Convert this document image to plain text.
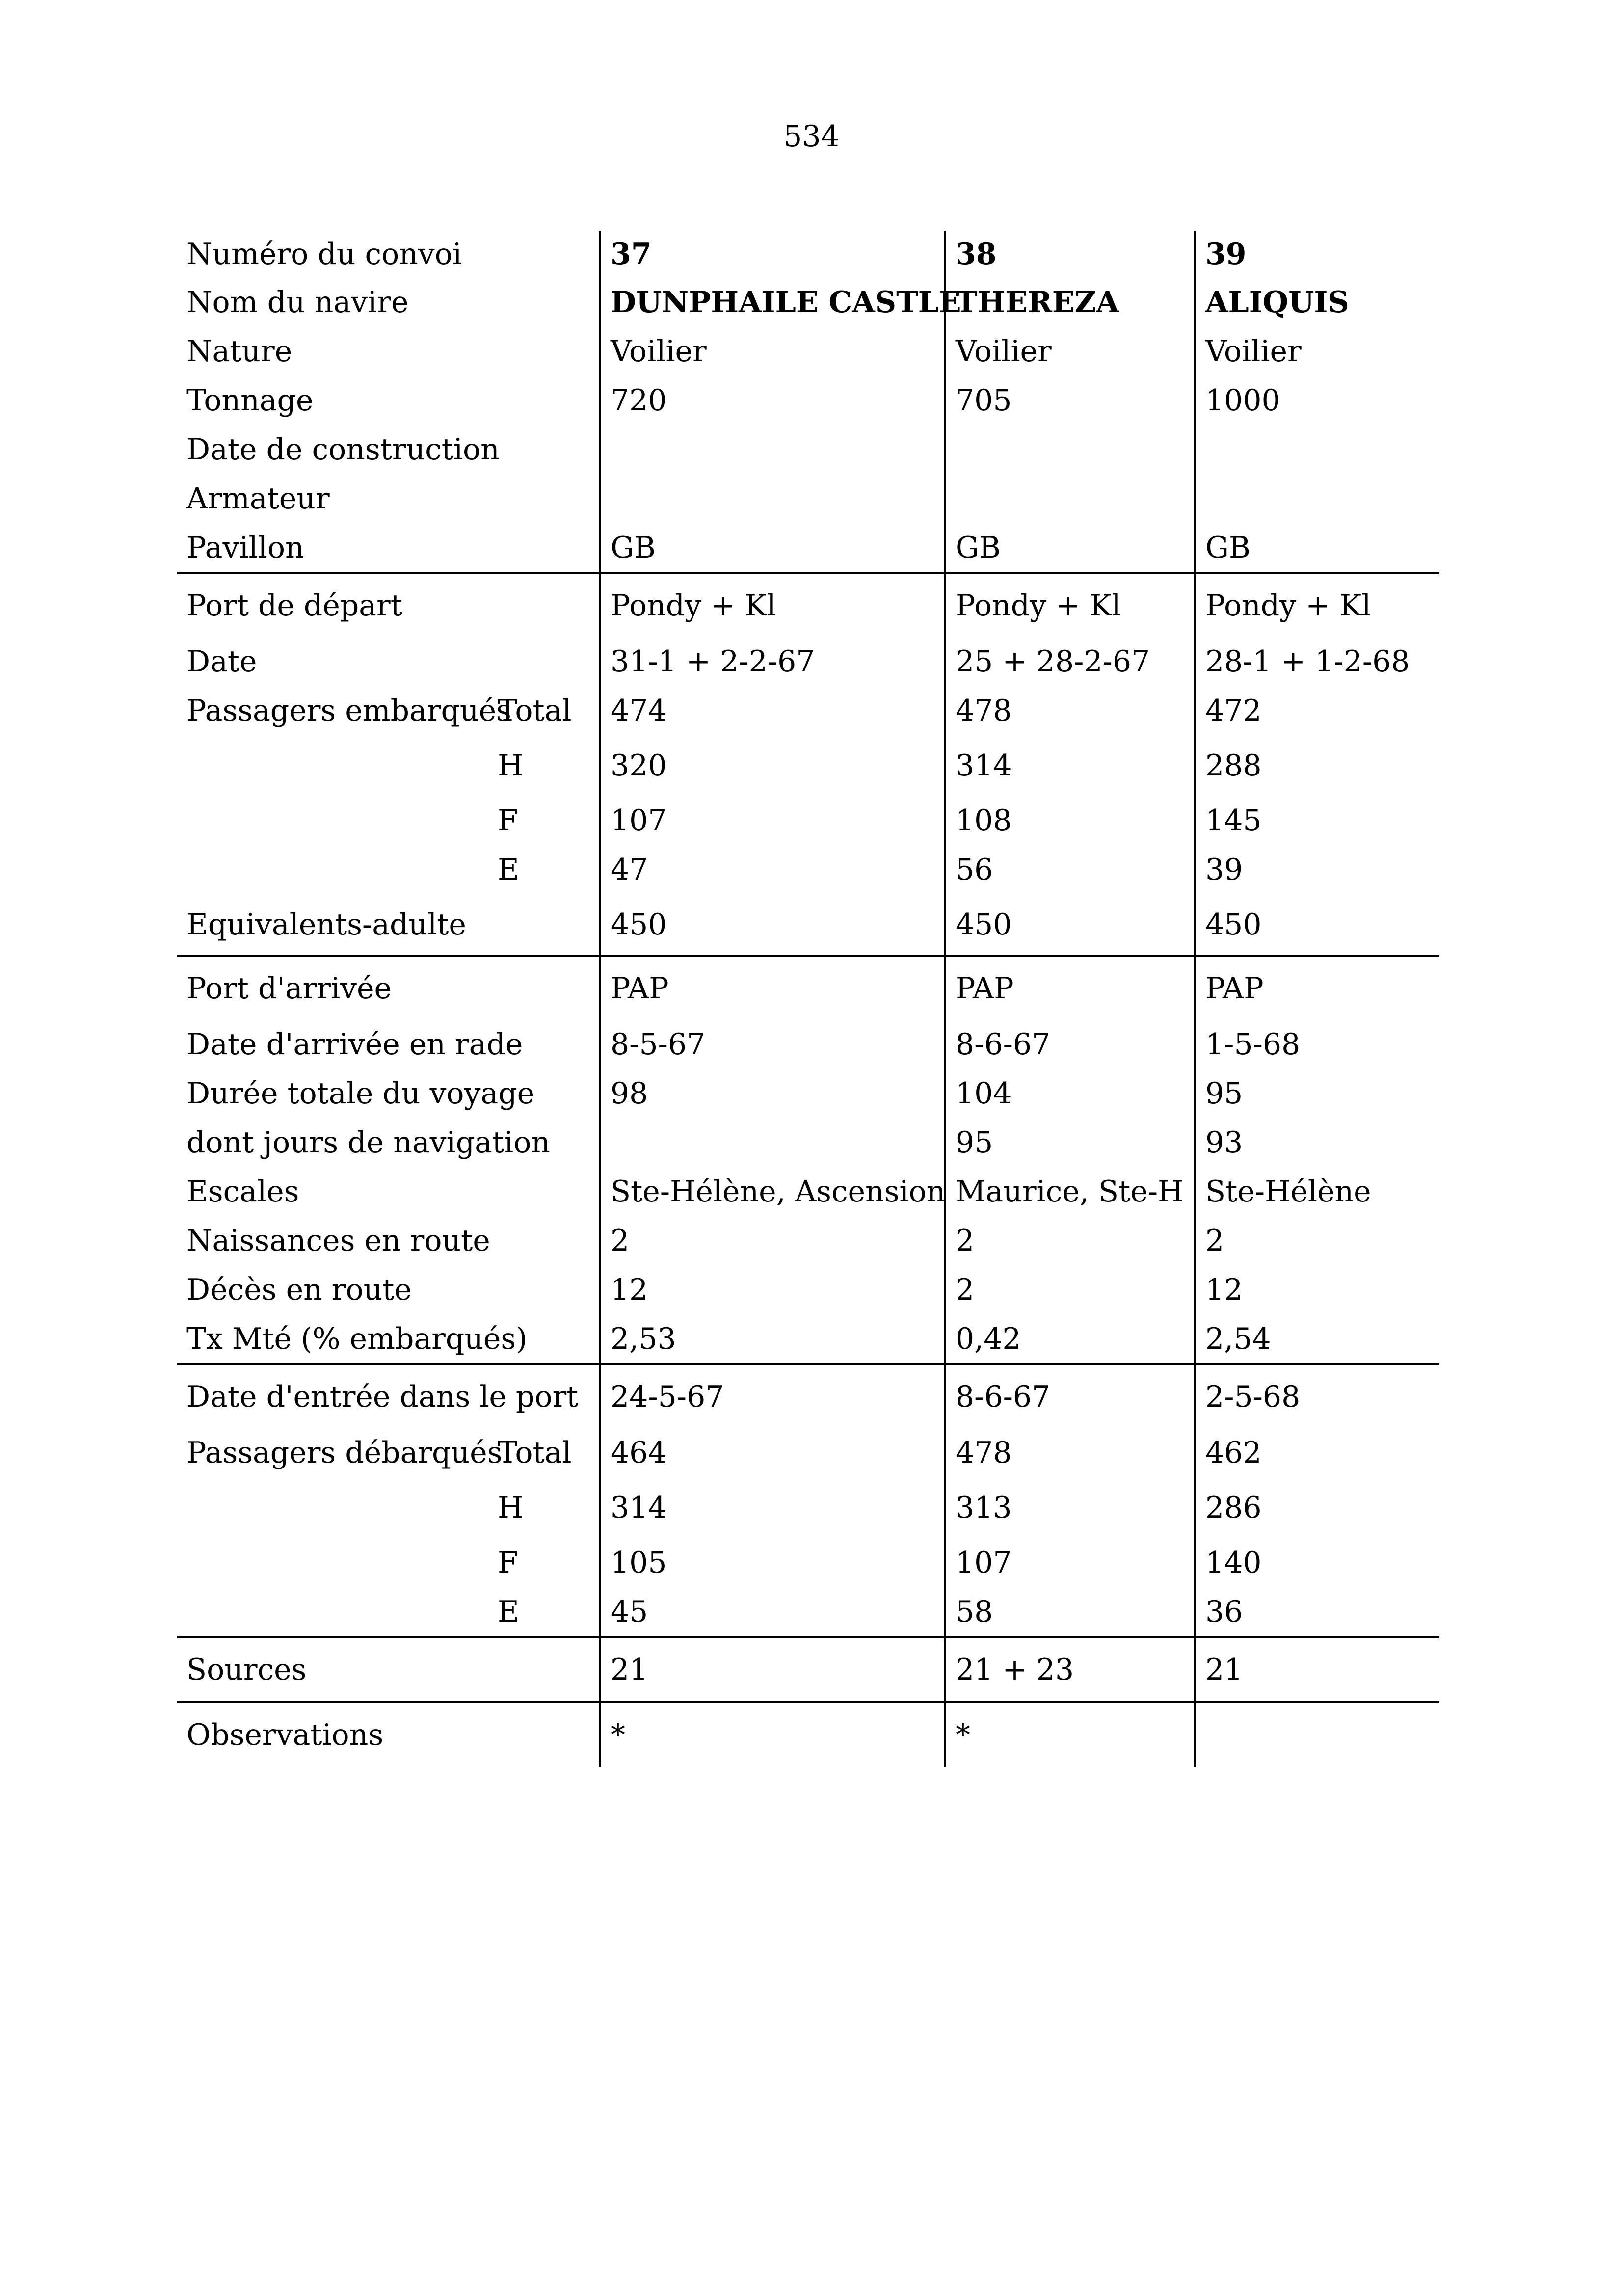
534
Numéro du convoi		37	38	39
Nom du navire		DUNPHAILE CASTLE	THEREZA	ALIQUIS
Nature		Voilier	Voilier	Voilier
Tonnage		720	705	1000
Date de construction				
Armateur				
Pavillon		GB	GB	GB
Port de départ		Pondy + Kl	Pondy + Kl	Pondy + Kl
Date		31-1 + 2-2-67	25 + 28-2-67	28-1 + 1-2-68
Passagers embarqués	Total	474	478	472
	H	320	314	288
	F	107	108	145
	E	47	56	39
Equivalents-adulte		450	450	450
Port d'arrivée		PAP	PAP	PAP
Date d'arrivée en rade		8-5-67	8-6-67	1-5-68
Durée totale du voyage		98	104	95
dont jours de navigation			95	93
Escales		Ste-Hélène, Ascension	Maurice, Ste-H	Ste-Hélène
Naissances en route		2	2	2
Décès en route		12	2	12
Tx Mté (% embarqués)		2,53	0,42	2,54
Date d'entrée dans le port		24-5-67	8-6-67	2-5-68
Passagers débarqués	Total	464	478	462
	H	314	313	286
	F	105	107	140
	E	45	58	36
Sources		21	21 + 23	21
Observations		*	*	
